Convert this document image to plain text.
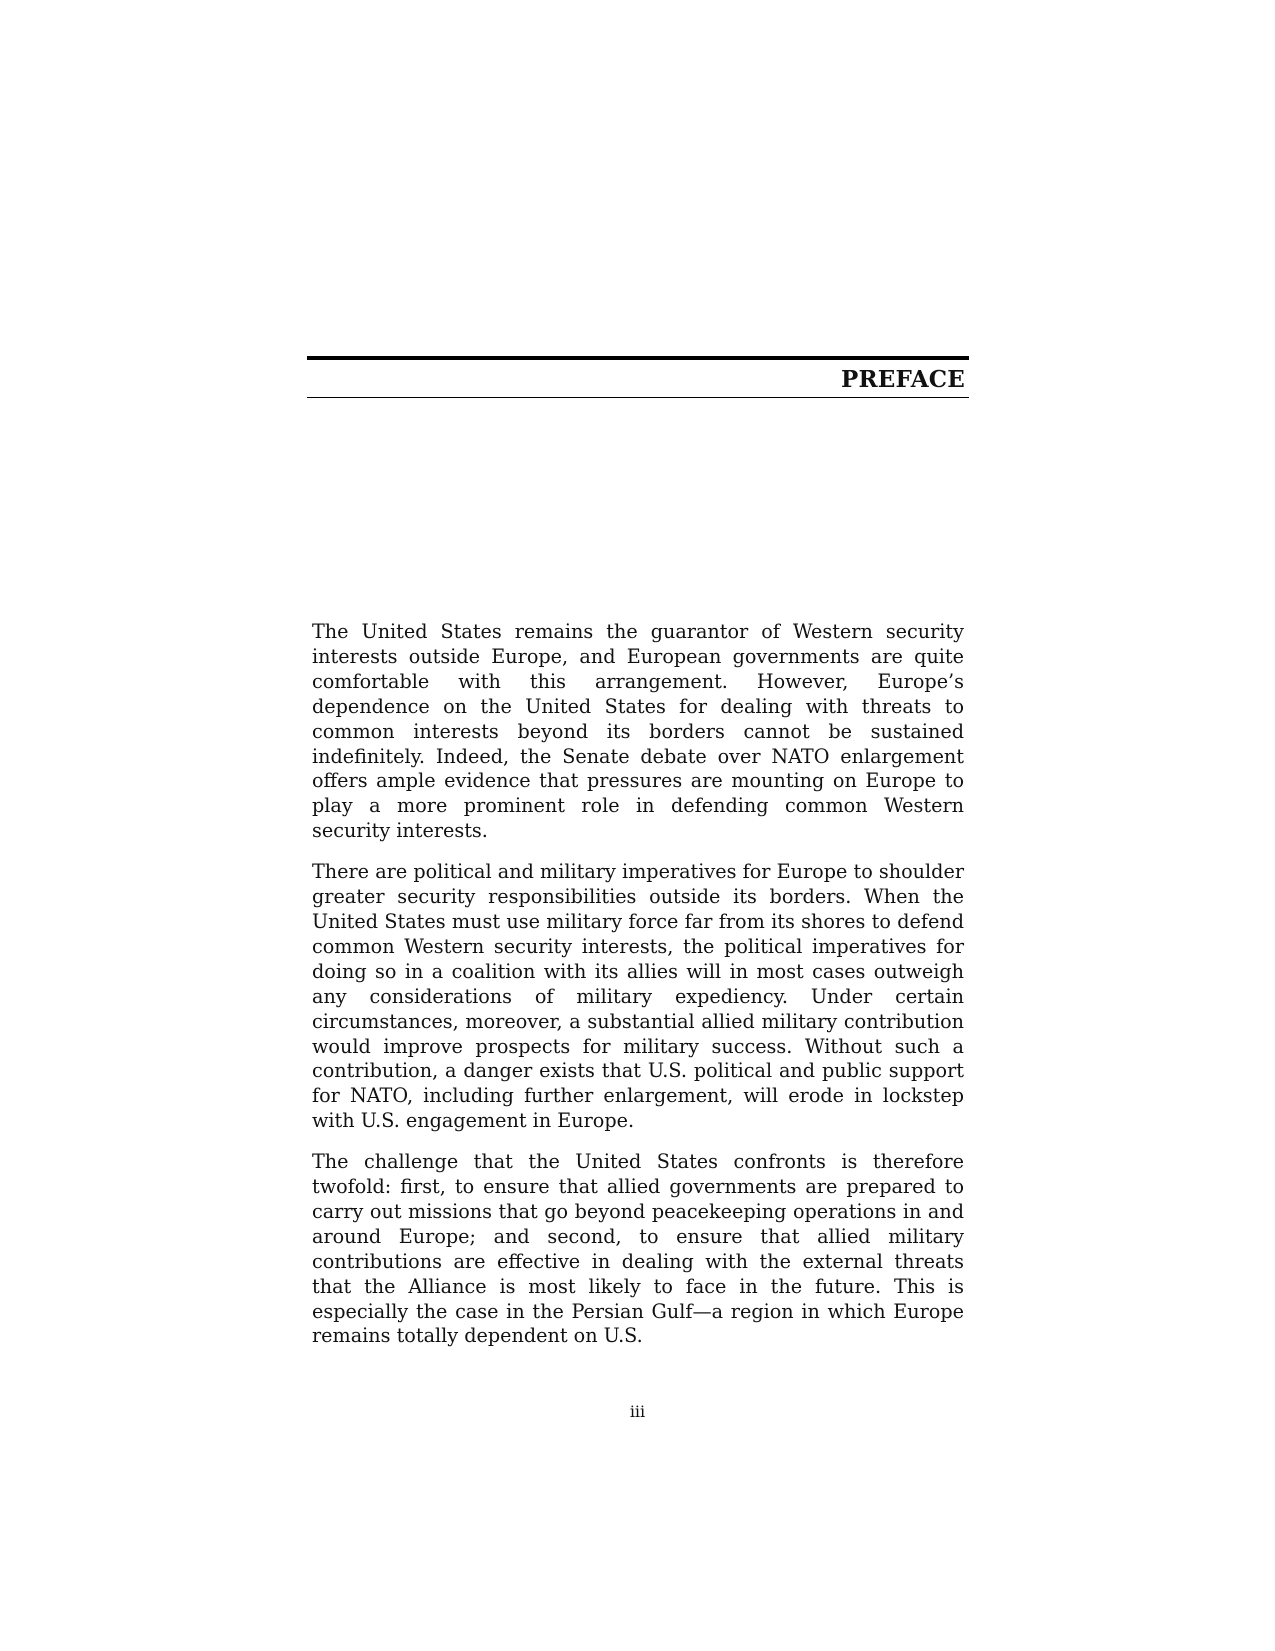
PREFACE

The United States remains the guarantor of Western security interests outside Europe, and European governments are quite comfortable with this arrangement. However, Europe’s dependence on the United States for dealing with threats to common interests beyond its borders cannot be sustained indefinitely. Indeed, the Senate debate over NATO enlargement offers ample evidence that pressures are mounting on Europe to play a more prominent role in defending common Western security interests.

There are political and military imperatives for Europe to shoulder greater security responsibilities outside its borders. When the United States must use military force far from its shores to defend common Western security interests, the political imperatives for doing so in a coalition with its allies will in most cases outweigh any considerations of military expediency. Under certain circumstances, moreover, a substantial allied military contribution would improve prospects for military success. Without such a contribution, a danger exists that U.S. political and public support for NATO, including further enlargement, will erode in lockstep with U.S. engagement in Europe.

The challenge that the United States confronts is therefore twofold: first, to ensure that allied governments are prepared to carry out missions that go beyond peacekeeping operations in and around Europe; and second, to ensure that allied military contributions are effective in dealing with the external threats that the Alliance is most likely to face in the future. This is especially the case in the Persian Gulf—a region in which Europe remains totally dependent on U.S.

iii
